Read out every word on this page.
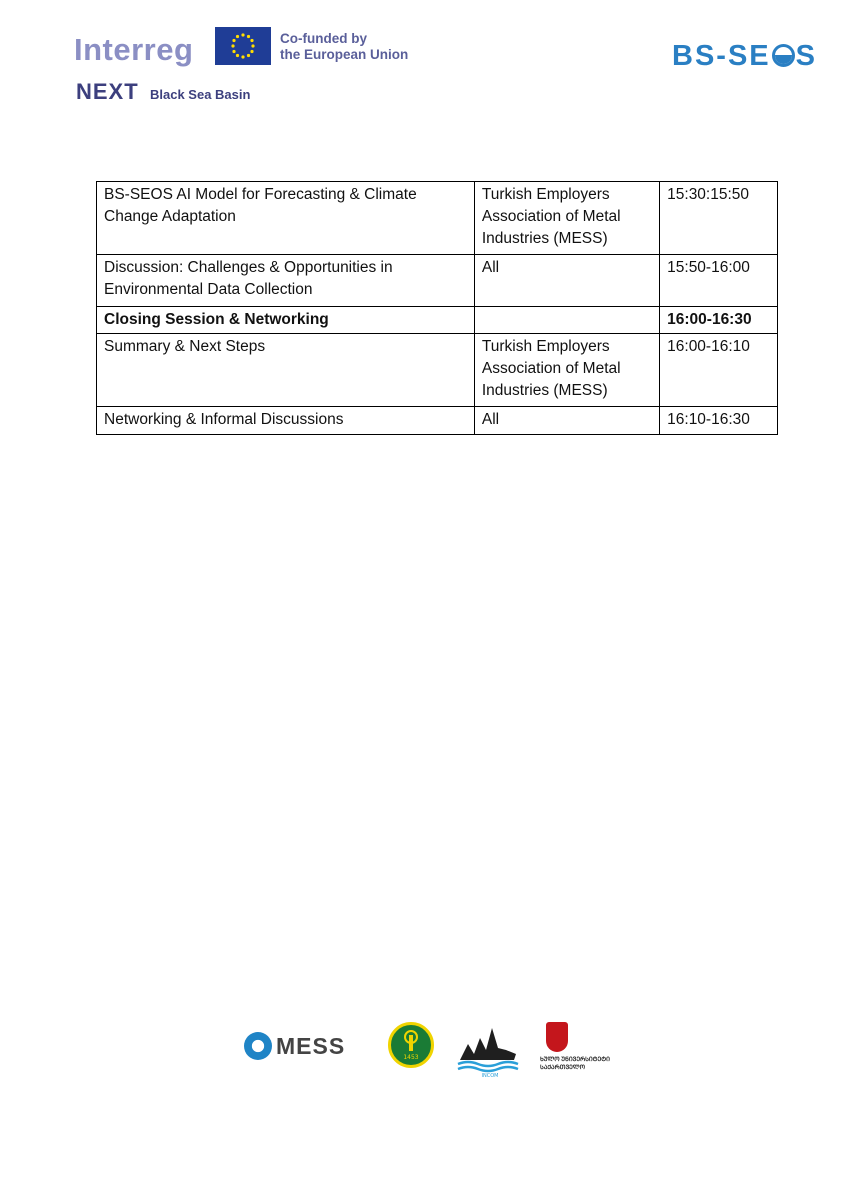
Interreg	Co-funded by
the European Union
NEXT Black Sea Basin
BS-SE S
BS-SEOS AI Model for Forecasting & Climate Change Adaptation	Turkish Employers Association of Metal Industries (MESS)	15:30:15:50
Discussion: Challenges & Opportunities in Environmental Data Collection	All	15:50-16:00
Closing Session & Networking		16:00-16:30
Summary & Next Steps	Turkish Employers Association of Metal Industries (MESS)	16:00-16:10
Networking & Informal Discussions	All	16:10-16:30
MESS	1453
INCOM
ᲮᲣᲚᲝ ᲣᲜᲘᲕᲔᲠᲡᲘᲢᲔᲢᲘ
ᲡᲐᲥᲐᲠᲗᲕᲔᲚᲝ
